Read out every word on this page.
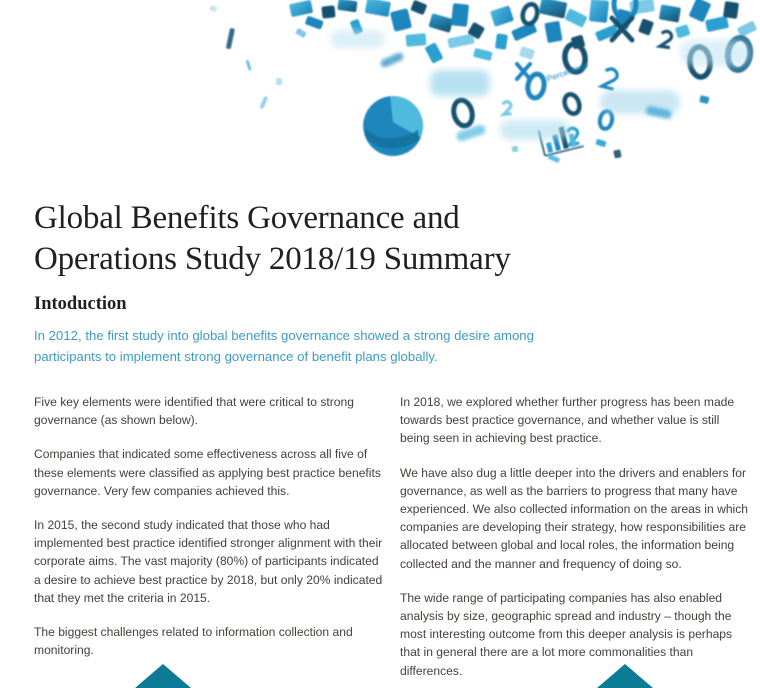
Percentage
Global Benefits Governance and Operations Study 2018/19 Summary
Intoduction

In 2012, the first study into global benefits governance showed a strong desire among participants to implement strong governance of benefit plans globally.

Five key elements were identified that were critical to strong governance (as shown below).

Companies that indicated some effectiveness across all five of these elements were classified as applying best practice benefits governance. Very few companies achieved this.

In 2015, the second study indicated that those who had implemented best practice identified stronger alignment with their corporate aims. The vast majority (80%) of participants indicated a desire to achieve best practice by 2018, but only 20% indicated that they met the criteria in 2015.

The biggest challenges related to information collection and monitoring.

In 2018, we explored whether further progress has been made towards best practice governance, and whether value is still being seen in achieving best practice.

We have also dug a little deeper into the drivers and enablers for governance, as well as the barriers to progress that many have experienced. We also collected information on the areas in which companies are developing their strategy, how responsibilities are allocated between global and local roles, the information being collected and the manner and frequency of doing so.

The wide range of participating companies has also enabled analysis by size, geographic spread and industry – though the most interesting outcome from this deeper analysis is perhaps that in general there are a lot more commonalities than differences.
